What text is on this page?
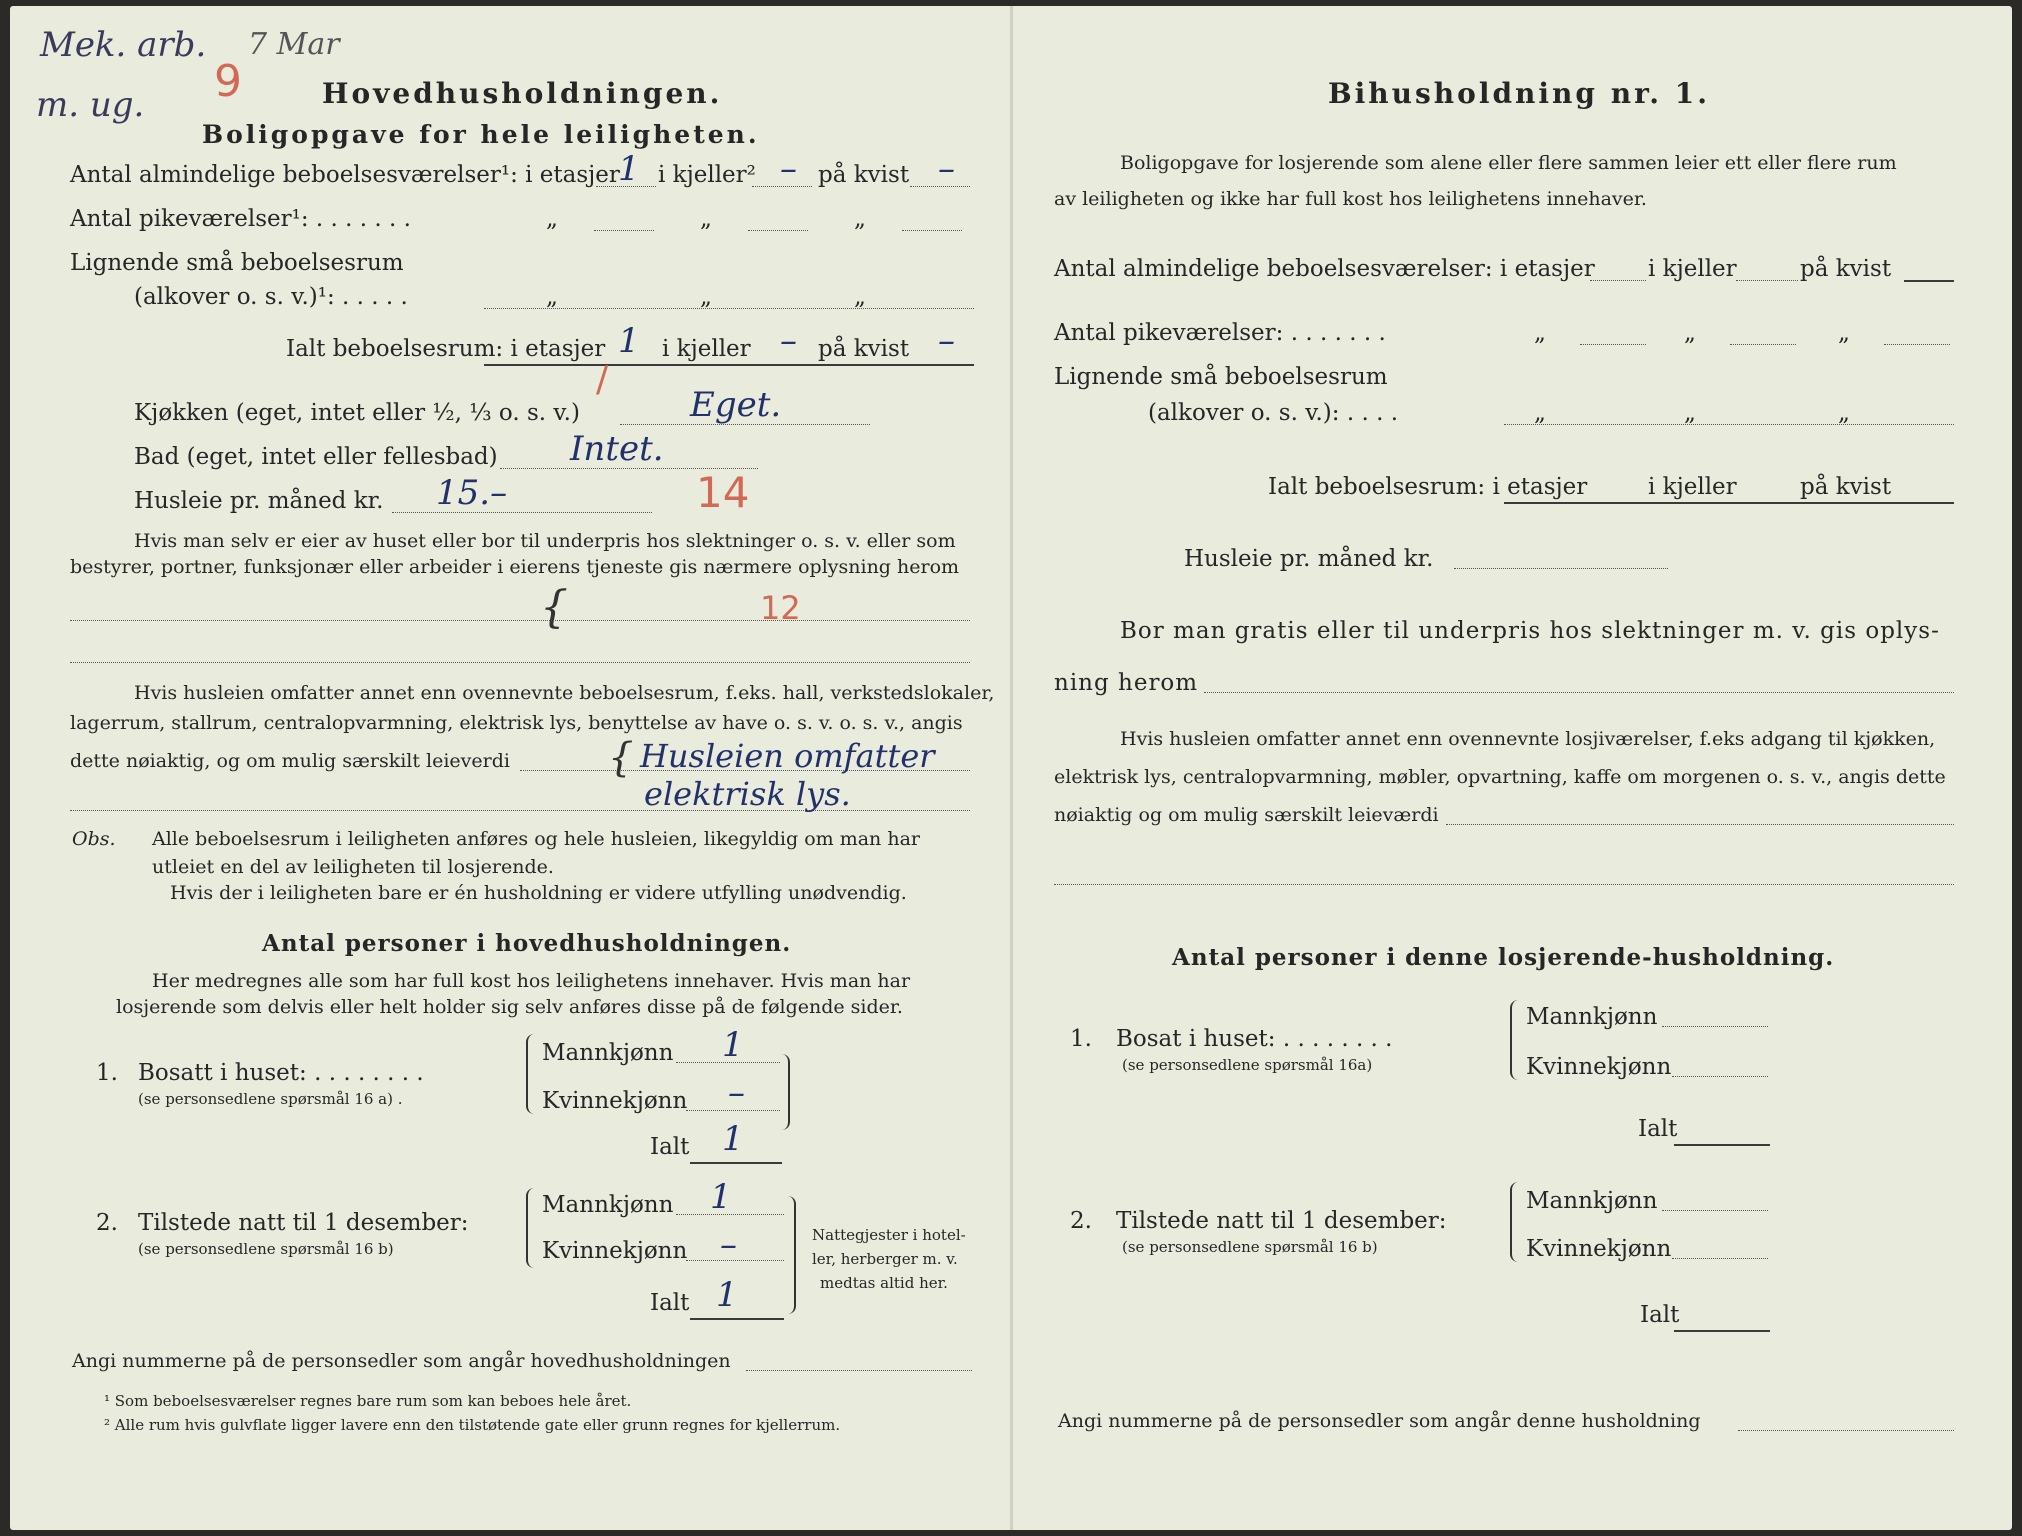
Mek. arb.
m. ug.
7 Mar
9	Hovedhusholdningen.
Boligopgave for hele leiligheten.
Antal almindelige beboelsesværelser¹: i etasjer
1 i kjeller² – på kvist –
Antal pikeværelser¹: . . . . . . .	„	„	„
Lignende små beboelsesrum
(alkover o. s. v.)¹: . . . . .	„	„	„
Ialt beboelsesrum: i etasjer 1 i kjeller – på kvist –
/
Kjøkken (eget, intet eller ½, ⅓ o. s. v.)	Eget.
Bad (eget, intet eller fellesbad) Intet.
Husleie pr. måned kr. 15.–	14
Hvis man selv er eier av huset eller bor til underpris hos slektninger o. s. v. eller som
bestyrer, portner, funksjonær eller arbeider i eierens tjeneste gis nærmere oplysning herom
{	12
Hvis husleien omfatter annet enn ovennevnte beboelsesrum, f.eks. hall, verkstedslokaler,
lagerrum, stallrum, centralopvarmning, elektrisk lys, benyttelse av have o. s. v. o. s. v., angis
dette nøiaktig, og om mulig særskilt leieverdi { Husleien omfatter
elektrisk lys.
Obs. Alle beboelsesrum i leiligheten anføres og hele husleien, likegyldig om man har
utleiet en del av leiligheten til losjerende.
Hvis der i leiligheten bare er én husholdning er videre utfylling unødvendig.
Antal personer i hovedhusholdningen.
Her medregnes alle som har full kost hos leilighetens innehaver. Hvis man har
losjerende som delvis eller helt holder sig selv anføres disse på de følgende sider.
1. Bosatt i huset: . . . . . . . .
(se personsedlene spørsmål 16 a) .
Mannkjønn 1
Kvinnekjønn –
Ialt 1
2. Tilstede natt til 1 desember:
(se personsedlene spørsmål 16 b)
Mannkjønn 1
Kvinnekjønn –
Ialt 1
Nattegjester i hotel-
ler, herberger m. v.
medtas altid her.
Angi nummerne på de personsedler som angår hovedhusholdningen
¹ Som beboelsesværelser regnes bare rum som kan beboes hele året.
² Alle rum hvis gulvflate ligger lavere enn den tilstøtende gate eller grunn regnes for kjellerrum.
Bihusholdning nr. 1.
Boligopgave for losjerende som alene eller flere sammen leier ett eller flere rum
av leiligheten og ikke har full kost hos leilighetens innehaver.
Antal almindelige beboelsesværelser: i etasjer i kjeller	på kvist
Antal pikeværelser: . . . . . . .	„	„	„
Lignende små beboelsesrum
(alkover o. s. v.): . . . .	„	„	„
Ialt beboelsesrum: i etasjer	i kjeller	på kvist
Husleie pr. måned kr.
Bor man gratis eller til underpris hos slektninger m. v. gis oplys-
ning herom
Hvis husleien omfatter annet enn ovennevnte losjiværelser, f.eks adgang til kjøkken,
elektrisk lys, centralopvarmning, møbler, opvartning, kaffe om morgenen o. s. v., angis dette
nøiaktig og om mulig særskilt leieværdi
Antal personer i denne losjerende-husholdning.
1. Bosat i huset: . . . . . . . .
(se personsedlene spørsmål 16a)
Mannkjønn
Kvinnekjønn
Ialt
2. Tilstede natt til 1 desember:
(se personsedlene spørsmål 16 b)
Mannkjønn
Kvinnekjønn
Ialt
Angi nummerne på de personsedler som angår denne husholdning
